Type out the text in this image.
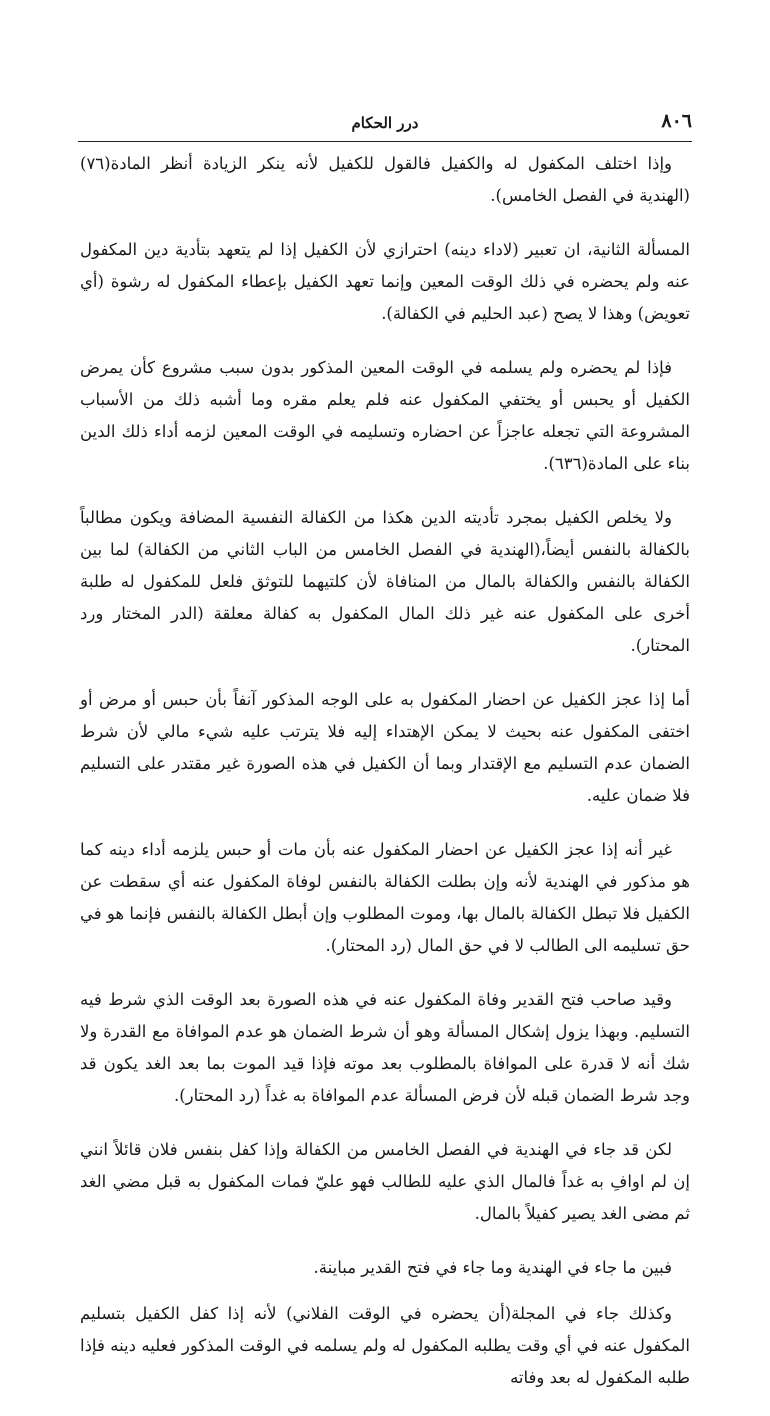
٨٠٦
درر الحكام

وإذا اختلف المكفول له والكفيل فالقول للكفيل لأنه ينكر الزيادة أنظر المادة(٧٦) (الهندية في الفصل الخامس).

المسألة الثانية، ان تعبير (لاداء دينه) احترازي لأن الكفيل إذا لم يتعهد بتأدية دين المكفول عنه ولم يحضره في ذلك الوقت المعين وإنما تعهد الكفيل بإعطاء المكفول له رشوة (أي تعويض) وهذا لا يصح (عبد الحليم في الكفالة).

فإذا لم يحضره ولم يسلمه في الوقت المعين المذكور بدون سبب مشروع كأن يمرض الكفيل أو يحبس أو يختفي المكفول عنه فلم يعلم مقره وما أشبه ذلك من الأسباب المشروعة التي تجعله عاجزاً عن احضاره وتسليمه في الوقت المعين لزمه أداء ذلك الدين بناء على المادة(٦٣٦).

ولا يخلص الكفيل بمجرد تأديته الدين هكذا من الكفالة النفسية المضافة ويكون مطالباً بالكفالة بالنفس أيضاً،(الهندية في الفصل الخامس من الباب الثاني من الكفالة) لما بين الكفالة بالنفس والكفالة بالمال من المنافاة لأن كلتيهما للتوثق فلعل للمكفول له طلبة أخرى على المكفول عنه غير ذلك المال المكفول به كفالة معلقة (الدر المختار ورد المحتار).

أما إذا عجز الكفيل عن احضار المكفول به على الوجه المذكور آنفاً بأن حبس أو مرض أو اختفى المكفول عنه بحيث لا يمكن الإهتداء إليه فلا يترتب عليه شيء مالي لأن شرط الضمان عدم التسليم مع الإقتدار وبما أن الكفيل في هذه الصورة غير مقتدر على التسليم فلا ضمان عليه.

غير أنه إذا عجز الكفيل عن احضار المكفول عنه بأن مات أو حبس يلزمه أداء دينه كما هو مذكور في الهندية لأنه وإن بطلت الكفالة بالنفس لوفاة المكفول عنه أي سقطت عن الكفيل فلا تبطل الكفالة بالمال بها، وموت المطلوب وإن أبطل الكفالة بالنفس فإنما هو في حق تسليمه الى الطالب لا في حق المال (رد المحتار).

وقيد صاحب فتح القدير وفاة المكفول عنه في هذه الصورة بعد الوقت الذي شرط فيه التسليم. وبهذا يزول إشكال المسألة وهو أن شرط الضمان هو عدم الموافاة مع القدرة ولا شك أنه لا قدرة على الموافاة بالمطلوب بعد موته فإذا قيد الموت بما بعد الغد يكون قد وجد شرط الضمان قبله لأن فرض المسألة عدم الموافاة به غداً (رد المحتار).

لكن قد جاء في الهندية في الفصل الخامس من الكفالة وإذا كفل بنفس فلان قائلاً انني إن لم اوافِ به غداً فالمال الذي عليه للطالب فهو عليّ فمات المكفول به قبل مضي الغد ثم مضى الغد يصير كفيلاً بالمال.

فبين ما جاء في الهندية وما جاء في فتح القدير مباينة.

وكذلك جاء في المجلة(أن يحضره في الوقت الفلاني) لأنه إذا كفل الكفيل بتسليم المكفول عنه في أي وقت يطلبه المكفول له ولم يسلمه في الوقت المذكور فعليه دينه فإذا طلبه المكفول له بعد وفاته
